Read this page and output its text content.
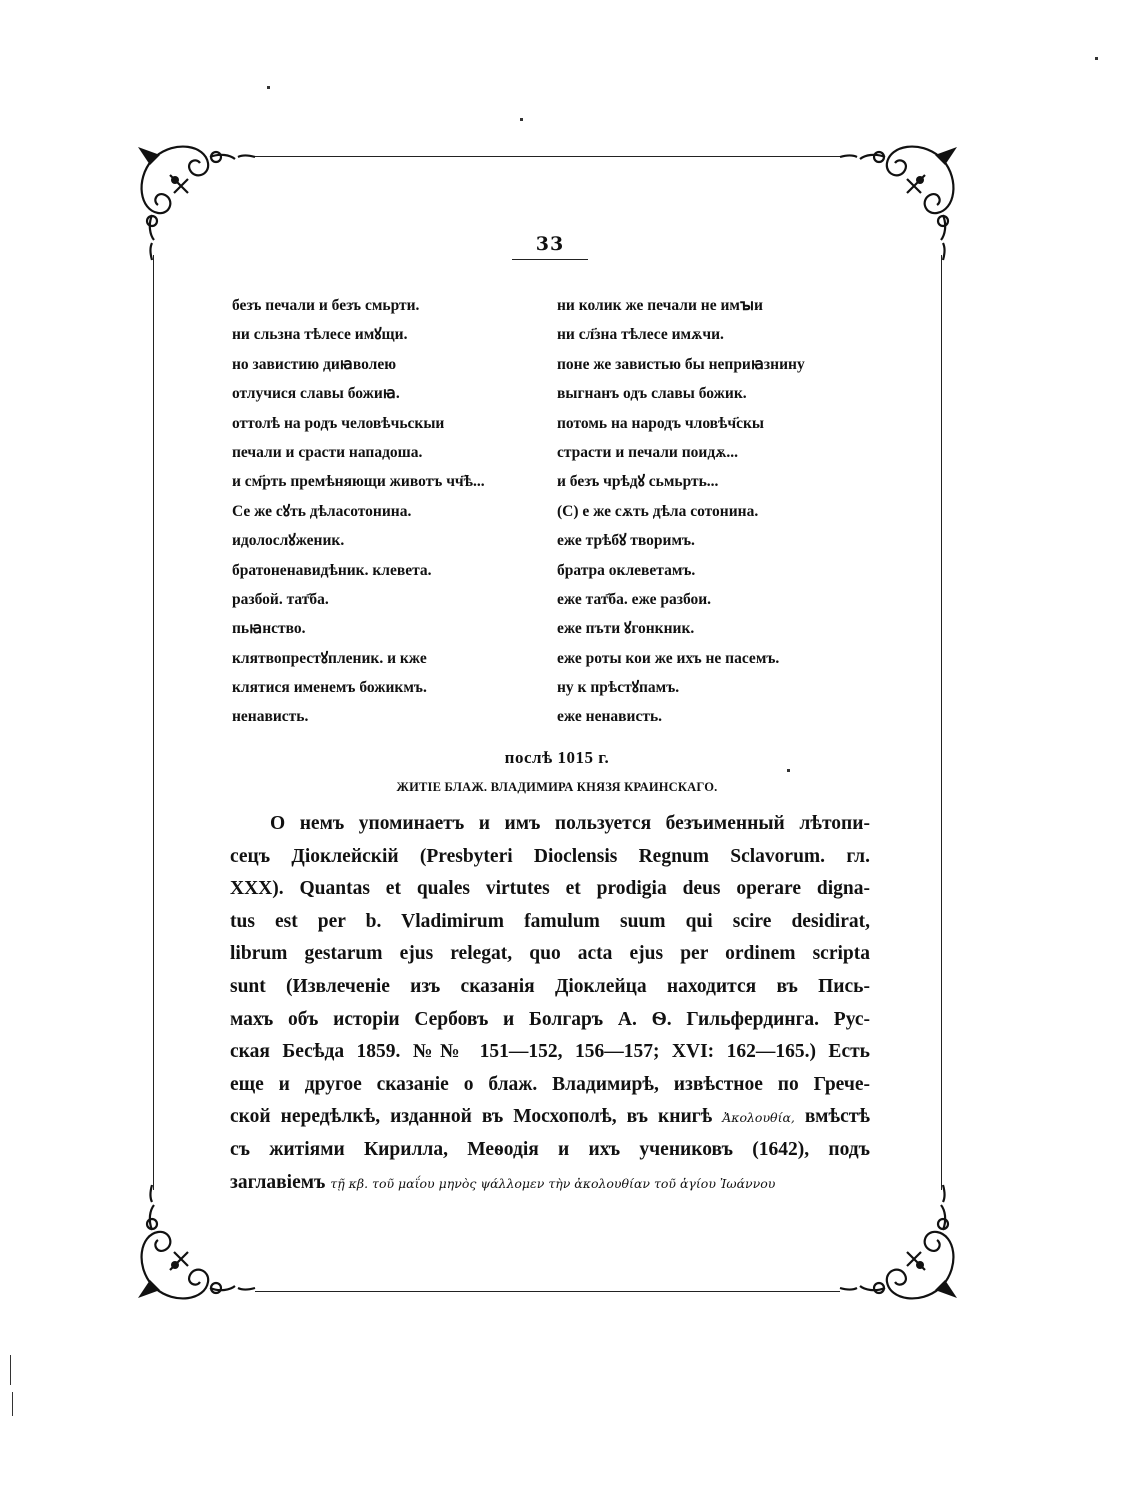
33
безъ печали и безъ смьрти.
ни сльзна тѣлесе имꙋщи.
но завистию диꙗволею
отлучися славы божиꙗ.
оттолѣ на родъ человѣчьскыи
печали и срасти нападоша.
и см҃рть премѣняющи животъ чч҃ѣ...
Се же сꙋть дѣласотонина.
идолослꙋженик.
братоненавидѣник. клевета.
разбой. тат҄ба.
пьꙗнство.
клятвопрестꙋпленик. и кже
клятися именемъ божикмъ.
ненависть.
ни колик же печали не имꙑи
ни сл҃зна тѣлесе имѫчи.
поне же завистью бы неприꙗзнину
выгнанъ одъ славы божик.
потомь на народъ чловѣч҃скы
страсти и печали поидѫ...
и безъ чрѣдꙋ сьмьрть...
(С) е же сѫть дѣла сотонина.
еже трѣбꙋ творимъ.
братра оклеветамъ.
еже тат҄ба. еже разбои.
еже пъти ꙋгонкник.
еже роты кои же ихъ не пасемъ.
ну к прѣстꙋпамъ.
еже ненависть.
послѣ 1015 г.
ЖИТІЕ БЛАЖ. ВЛАДИМИРА КНЯЗЯ КРАИНСКАГО.
О немъ упоминаетъ и имъ пользуется безъименный лѣтопи-
сецъ Діоклейскій (Presbyteri Dioclensis Regnum Sclavorum. гл.
XXX). Quantas et quales virtutes et prodigia deus operare digna-
tus est per b. Vladimirum famulum suum qui scire desidirat,
librum gestarum ejus relegat, quo acta ejus per ordinem scripta
sunt (Извлеченіе изъ сказанія Діоклейца находится въ Пись-
махъ объ исторіи Сербовъ и Болгаръ А. Ѳ. Гильфердинга. Рус-
ская Бесѣда 1859. №№ 151—152, 156—157; XVI: 162—165.) Есть
еще и другое сказаніе о блаж. Владимирѣ, извѣстное по Грече-
ской нередѣлкѣ, изданной въ Мосхополѣ, въ книгѣ Ἀκολουθία, вмѣстѣ
съ житіями Кирилла, Меѳодія и ихъ учениковъ (1642), подъ
заглавіемъ τῇ κβ. τοῦ μαΐου μηνὸς ψάλλομεν τὴν ἀκολουθίαν τοῦ ἁγίου Ἰωάννου
